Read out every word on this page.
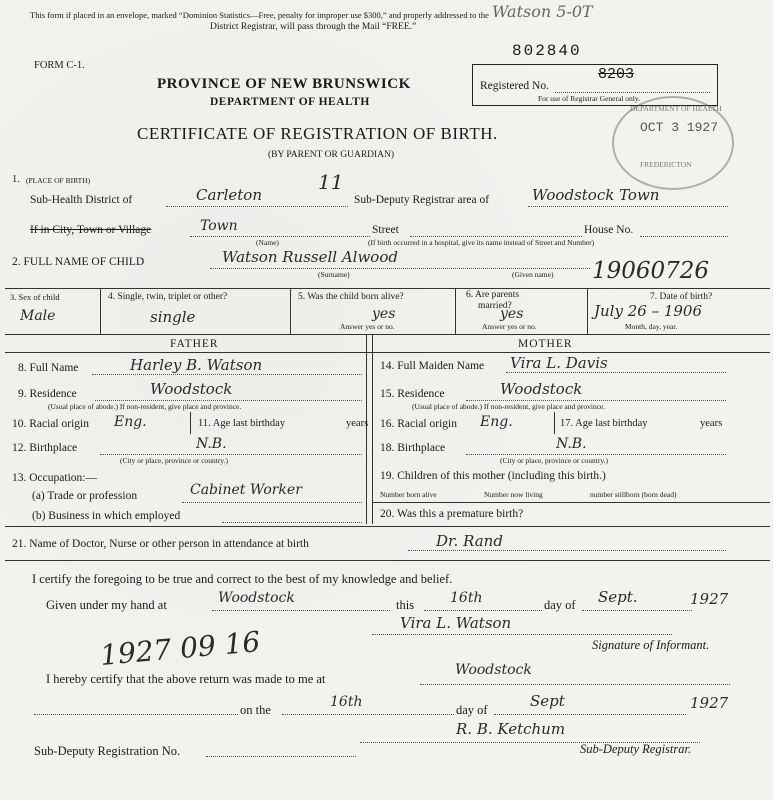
This form if placed in an envelope, marked “Dominion Statistics—Free, penalty for improper use $300,” and properly addressed to the
District Registrar, will pass through the Mail “FREE.”
Watson 5-0T
802840
FORM C-1.
PROVINCE OF NEW BRUNSWICK
DEPARTMENT OF HEALTH
CERTIFICATE OF REGISTRATION OF BIRTH.
(BY PARENT OR GUARDIAN)
Registered No.
8203
For use of Registrar General only.
OCT 3 1927
DEPARTMENT OF HEALTH
FREDERICTON
1. (PLACE OF BIRTH)
Sub-Health District of	Carleton
11
Sub-Deputy Registrar area of	Woodstock Town
If in City, Town or Village	Town	Street	House No.
(Name)	(If birth occurred in a hospital, give its name instead of Street and Number)
2. FULL NAME OF CHILD	Watson Russell Alwood
(Surname)	(Given name) 19060726
3. Sex of child
Male
4. Single, twin, triplet or other?
single
5. Was the child born alive?
yes
Answer yes or no.
6. Are parents
married?
yes
Answer yes or no.
7. Date of birth?
July 26 – 1906
Month, day, year.
FATHER	MOTHER
8. Full Name	Harley B. Watson
9. Residence	Woodstock
(Usual place of abode.) If non-resident, give place and province.
10. Racial origin Eng.	11. Age last birthday	years
12. Birthplace	N.B.
(City or place, province or country.)
13. Occupation:—
(a) Trade or profession	Cabinet Worker
(b) Business in which employed
14. Full Maiden Name Vira L. Davis
15. Residence	Woodstock
(Usual place of abode.) If non-resident, give place and province.
16. Racial origin Eng.	17. Age last birthday	years
18. Birthplace	N.B.
(City or place, province or country.)
19. Children of this mother (including this birth.)
Number born alive	Number now living	number stillborn (born dead)
20. Was this a premature birth?
21. Name of Doctor, Nurse or other person in attendance at birth	Dr. Rand
I certify the foregoing to be true and correct to the best of my knowledge and belief.
Given under my hand at	Woodstock	this	16th	day of Sept.	1927
Vira L. Watson
Signature of Informant.
1927 09 16
I hereby certify that the above return was made to me at
Woodstock
on the	16th	day of	Sept	1927
R. B. Ketchum
Sub-Deputy Registrar.
Sub-Deputy Registration No.
